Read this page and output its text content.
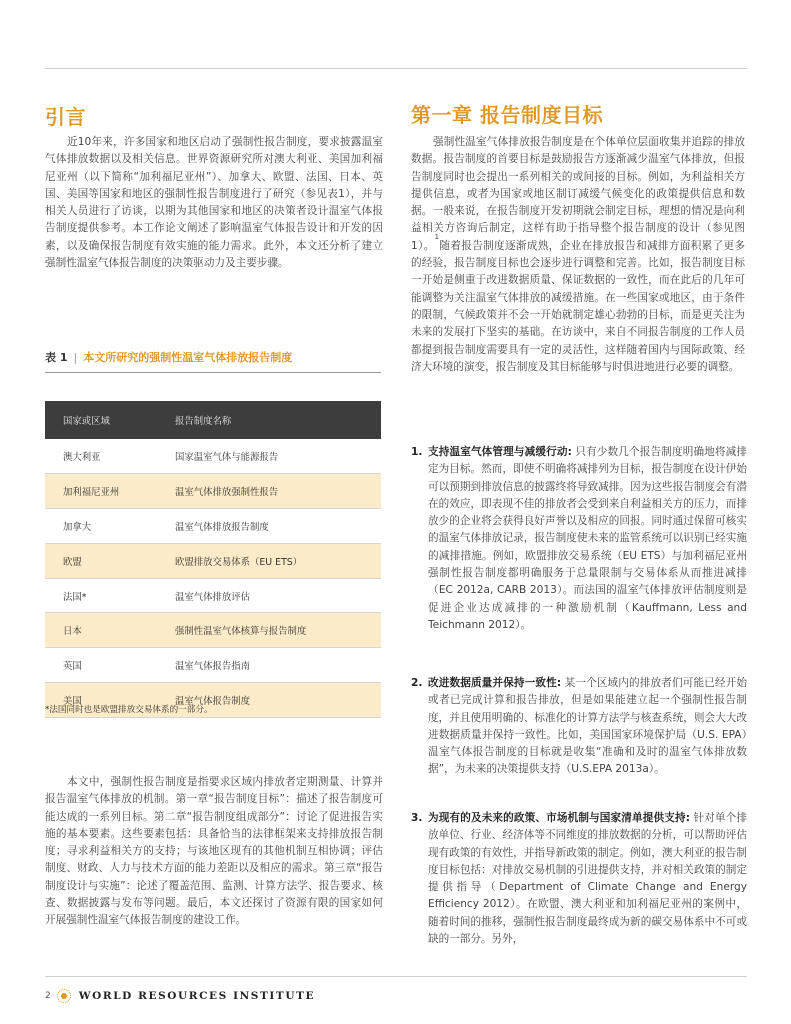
引言

近10年来，许多国家和地区启动了强制性报告制度，要求披露温室气体排放数据以及相关信息。世界资源研究所对澳大利亚、美国加利福尼亚州（以下简称“加利福尼亚州”）、加拿大、欧盟、法国、日本、英国、美国等国家和地区的强制性报告制度进行了研究（参见表1），并与相关人员进行了访谈，以期为其他国家和地区的决策者设计温室气体报告制度提供参考。本工作论文阐述了影响温室气体报告设计和开发的因素，以及确保报告制度有效实施的能力需求。此外，本文还分析了建立强制性温室气体报告制度的决策驱动力及主要步骤。

表 1 | 本文所研究的强制性温室气体排放报告制度
国家或区域	报告制度名称
澳大利亚	国家温室气体与能源报告
加利福尼亚州	温室气体排放强制性报告
加拿大	温室气体排放报告制度
欧盟	欧盟排放交易体系（EU ETS）
法国*	温室气体排放评估
日本	强制性温室气体核算与报告制度
英国	温室气体报告指南
美国	温室气体报告制度

*法国同时也是欧盟排放交易体系的一部分。

本文中，强制性报告制度是指要求区域内排放者定期测量、计算并报告温室气体排放的机制。第一章“报告制度目标”：描述了报告制度可能达成的一系列目标。第二章“报告制度组成部分”：讨论了促进报告实施的基本要素。这些要素包括：具备恰当的法律框架来支持排放报告制度；寻求利益相关方的支持；与该地区现有的其他机制互相协调；评估制度、财政、人力与技术方面的能力差距以及相应的需求。第三章“报告制度设计与实施”：论述了覆盖范围、监测、计算方法学、报告要求、核查、数据披露与发布等问题。最后，本文还探讨了资源有限的国家如何开展强制性温室气体报告制度的建设工作。

第一章 报告制度目标

强制性温室气体排放报告制度是在个体单位层面收集并追踪的排放数据。报告制度的首要目标是鼓励报告方逐渐减少温室气体排放，但报告制度同时也会提出一系列相关的或间接的目标。例如，为利益相关方提供信息，或者为国家或地区制订减缓气候变化的政策提供信息和数据。一般来说，在报告制度开发初期就会制定目标，理想的情况是向利益相关方咨询后制定，这样有助于指导整个报告制度的设计（参见图1）。$^1$随着报告制度逐渐成熟，企业在排放报告和减排方面积累了更多的经验，报告制度目标也会逐步进行调整和完善。比如，报告制度目标一开始是侧重于改进数据质量、保证数据的一致性，而在此后的几年可能调整为关注温室气体排放的减缓措施。在一些国家或地区，由于条件的限制，气候政策并不会一开始就制定雄心勃勃的目标，而是更关注为未来的发展打下坚实的基础。在访谈中，来自不同报告制度的工作人员都提到报告制度需要具有一定的灵活性，这样随着国内与国际政策、经济大环境的演变，报告制度及其目标能够与时俱进地进行必要的调整。

1. 支持温室气体管理与减缓行动: 只有少数几个报告制度明确地将减排定为目标。然而，即使不明确将减排列为目标，报告制度在设计伊始可以预期到排放信息的披露终将导致减排。因为这些报告制度会有潜在的效应，即表现不佳的排放者会受到来自利益相关方的压力，而排放少的企业将会获得良好声誉以及相应的回报。同时通过保留可核实的温室气体排放记录，报告制度使未来的监管系统可以识别已经实施的减排措施。例如，欧盟排放交易系统（EU ETS）与加利福尼亚州强制性报告制度都明确服务于总量限制与交易体系从而推进减排（EC 2012a, CARB 2013）。而法国的温室气体排放评估制度则是促进企业达成减排的一种激励机制（Kauffmann, Less and Teichmann 2012）。

2. 改进数据质量并保持一致性: 某一个区域内的排放者们可能已经开始或者已完成计算和报告排放，但是如果能建立起一个强制性报告制度，并且使用明确的、标准化的计算方法学与核查系统，则会大大改进数据质量并保持一致性。比如，美国国家环境保护局（U.S. EPA）温室气体报告制度的目标就是收集“准确和及时的温室气体排放数据”，为未来的决策提供支持（U.S.EPA 2013a）。

3. 为现有的及未来的政策、市场机制与国家清单提供支持: 针对单个排放单位、行业、经济体等不同维度的排放数据的分析，可以帮助评估现有政策的有效性，并指导新政策的制定。例如，澳大利亚的报告制度目标包括：对排放交易机制的引进提供支持，并对相关政策的制定提供指导（Department of Climate Change and Energy Efficiency 2012）。在欧盟、澳大利亚和加利福尼亚州的案例中，随着时间的推移，强制性报告制度最终成为新的碳交易体系中不可或缺的一部分。另外，

2	WORLD RESOURCES INSTITUTE
